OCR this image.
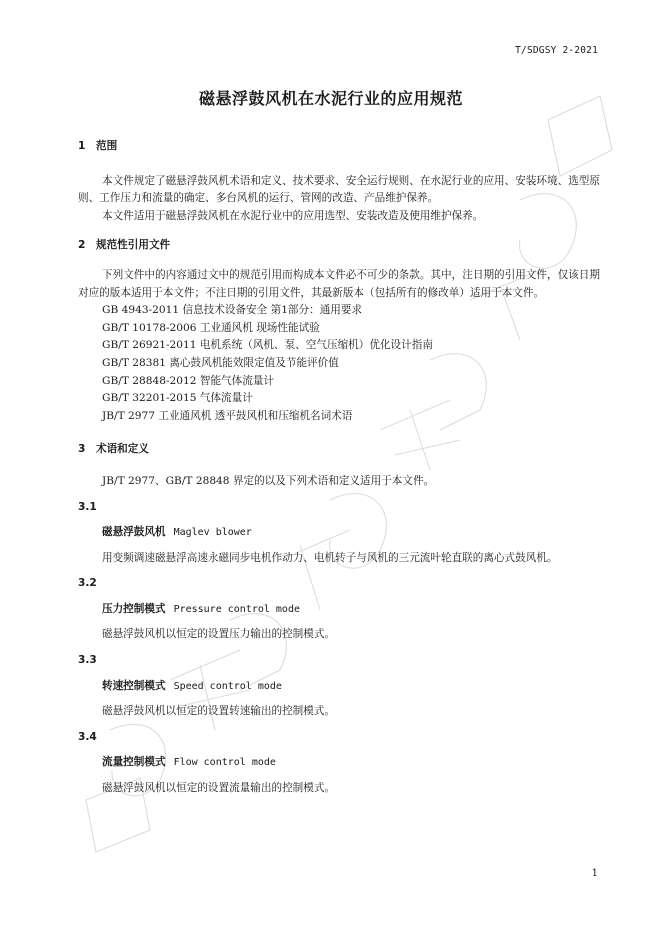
T/SDGSY 2-2021
磁悬浮鼓风机在水泥行业的应用规范
1	范围

本文件规定了磁悬浮鼓风机术语和定义、技术要求、安全运行规则、在水泥行业的应用、安装环境、选型原则、工作压力和流量的确定、多台风机的运行、管网的改造、产品维护保养。

本文件适用于磁悬浮鼓风机在水泥行业中的应用选型、安装改造及使用维护保养。

2	规范性引用文件

下列文件中的内容通过文中的规范引用而构成本文件必不可少的条款。其中，注日期的引用文件，仅该日期对应的版本适用于本文件；不注日期的引用文件，其最新版本（包括所有的修改单）适用于本文件。

GB 4943-2011 信息技术设备安全 第1部分：通用要求
GB/T 10178-2006 工业通风机 现场性能试验
GB/T 26921-2011 电机系统（风机、泵、空气压缩机）优化设计指南
GB/T 28381 离心鼓风机能效限定值及节能评价值
GB/T 28848-2012 智能气体流量计
GB/T 32201-2015 气体流量计
JB/T 2977 工业通风机 透平鼓风机和压缩机名词术语
3	术语和定义

JB/T 2977、GB/T 28848 界定的以及下列术语和定义适用于本文件。

3.1
磁悬浮鼓风机 Maglev blower
用变频调速磁悬浮高速永磁同步电机作动力、电机转子与风机的三元流叶轮直联的离心式鼓风机。
3.2
压力控制模式 Pressure control mode
磁悬浮鼓风机以恒定的设置压力输出的控制模式。
3.3
转速控制模式 Speed control mode
磁悬浮鼓风机以恒定的设置转速输出的控制模式。
3.4
流量控制模式 Flow control mode
磁悬浮鼓风机以恒定的设置流量输出的控制模式。
1
